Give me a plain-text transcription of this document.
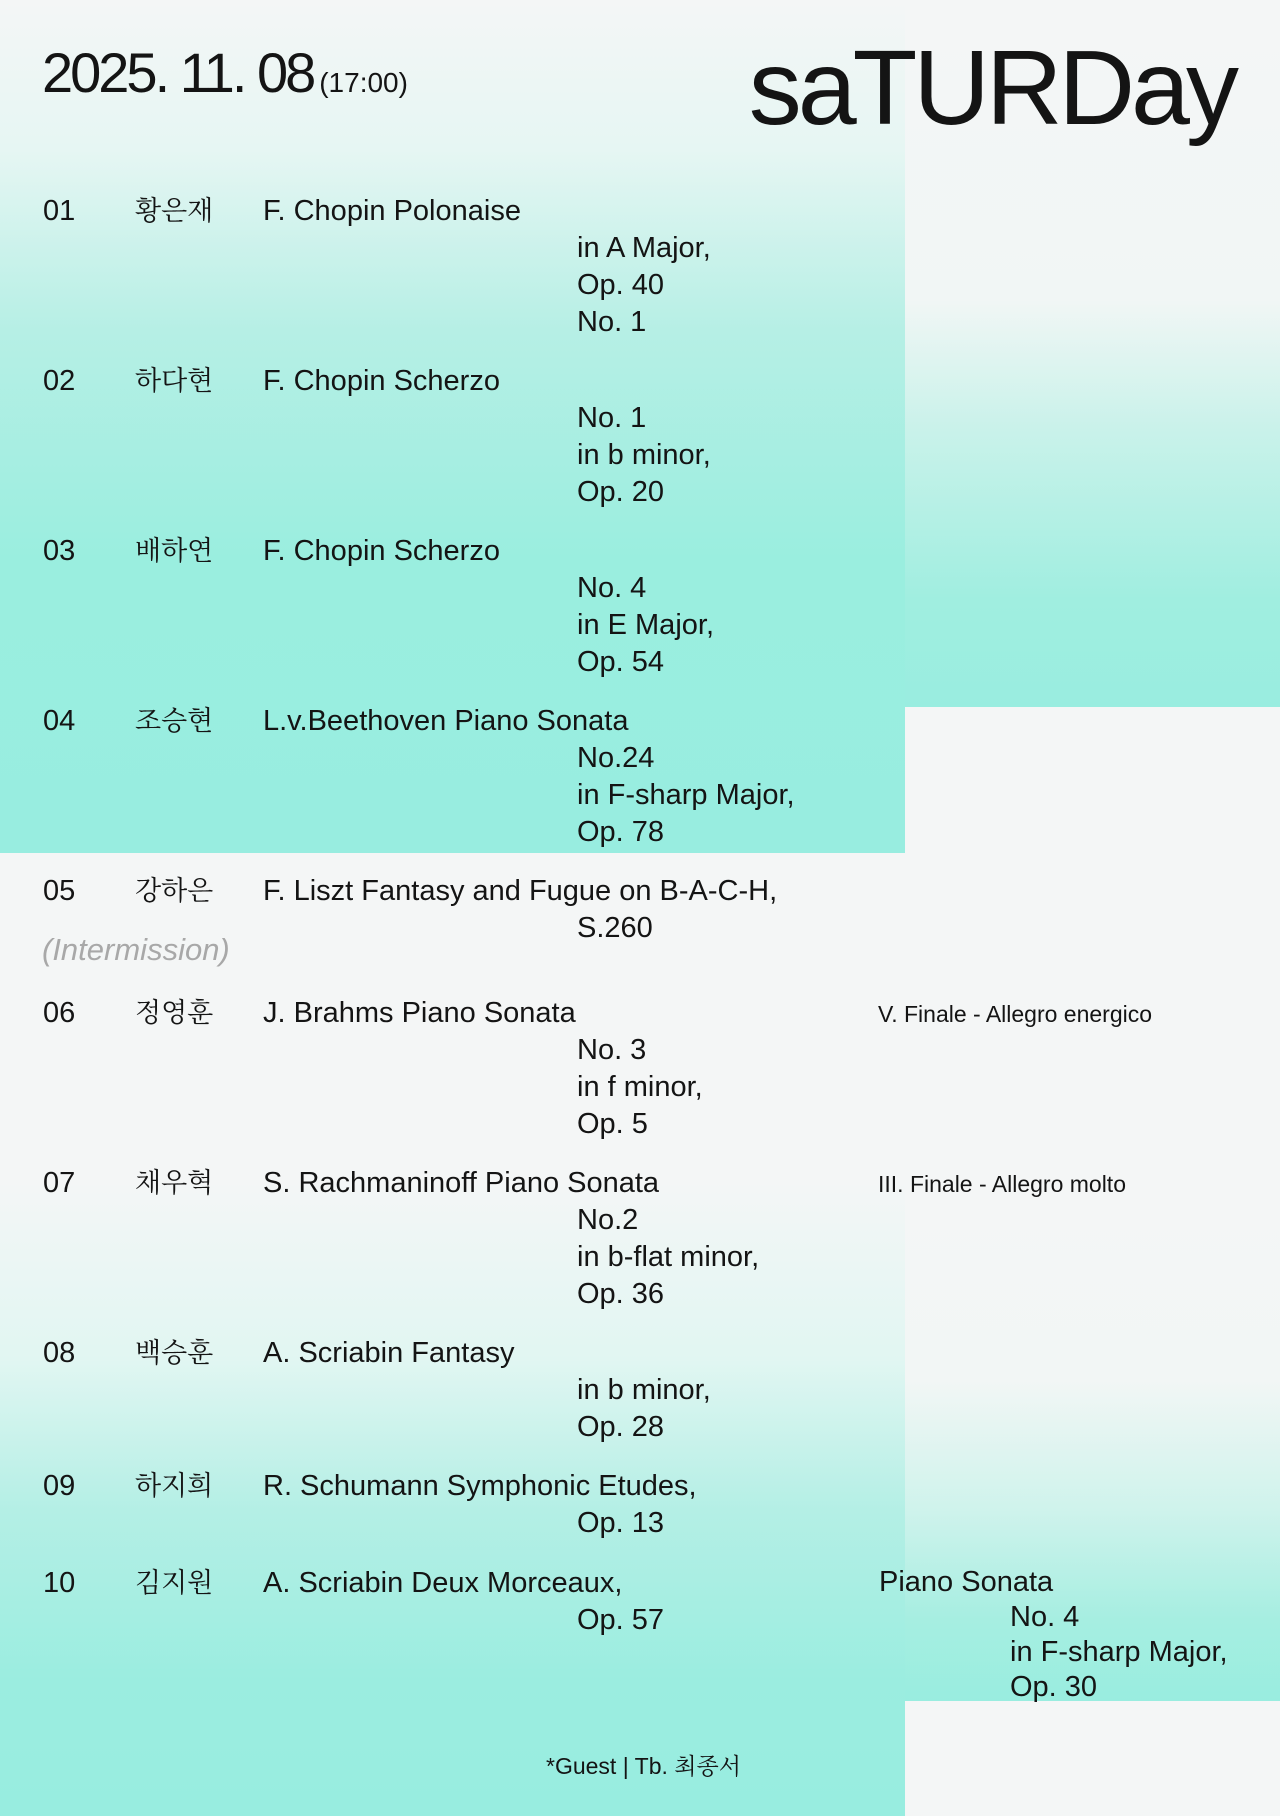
2025. 11. 08 (17:00)	saTURDay
01 황은재 F. Chopin Polonaise
in A Major,
Op. 40
No. 1
02 하다현 F. Chopin Scherzo
No. 1
in b minor,
Op. 20
03 배하연 F. Chopin Scherzo
No. 4
in E Major,
Op. 54
04 조승현 L.v.Beethoven Piano Sonata
No.24
in F-sharp Major,
Op. 78
05 강하은 F. Liszt Fantasy and Fugue on B-A-C-H,
S.260
06 정영훈 J. Brahms Piano Sonata
No. 3
in f minor,
Op. 5
V. Finale - Allegro energico
07 채우혁 S. Rachmaninoff Piano Sonata
No.2
in b-flat minor,
Op. 36
III. Finale - Allegro molto
08 백승훈 A. Scriabin Fantasy
in b minor,
Op. 28
09 하지희 R. Schumann Symphonic Etudes,
Op. 13
10 김지원 A. Scriabin Deux Morceaux,
Op. 57
(Intermission)
Piano Sonata
No. 4
in F-sharp Major,
Op. 30
*Guest | Tb. 최종서
